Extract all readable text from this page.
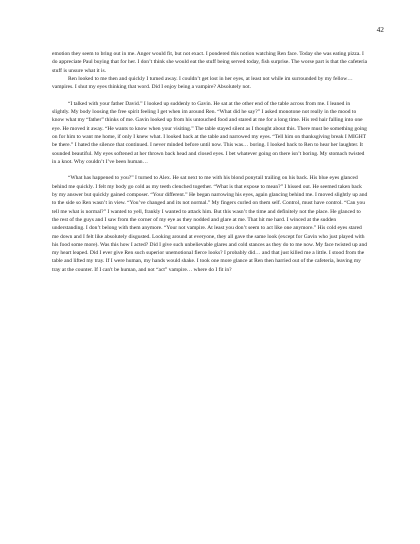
42

emotion they seem to bring out in me. Anger would fit, but not exact. I pondered this notion watching Ren face. Today she was eating pizza. I do appreciate Paul buying that for her. I don’t think she would eat the stuff being served today, fish surprise. The worse part is that the cafeteria stuff is unsure what it is.

Ren looked to me then and quickly I turned away. I couldn’t get lost in her eyes, at least not while im surrounded by my fellow… vampires. I shut my eyes thinking that word. Did I enjoy being a vampire? Absolutely not.

“I talked with your father David.” I looked up suddenly to Gavin. He sat at the other end of the table across from me. I leaned in slightly. My body loosing the free spirit feeling I get when im around Ren. “What did he say?” I asked monotone not really in the mood to know what my “father” thinks of me. Gavin looked up from his untouched food and stared at me for a long time. His red hair falling into one eye. He moved it away. “He wants to know when your visiting.” The table stayed silent as I thought about this. There must be something going on for him to want me home, if only I knew what. I looked back at the table and narrowed my eyes. “Tell him on thanksgiving break I MIGHT be there.” I hated the silence that continued. I never minded before until now. This was… boring. I looked back to Ren to hear her laughter. It sounded beautiful. My eyes softened at her thrown back head and closed eyes. I bet whatever going on there isn’t boring. My stomach twisted in a knot. Why couldn’t I’ve been human…

“What has happened to you?” I turned to Alex. He sat next to me with his blond ponytail trailing on his back. His blue eyes glanced behind me quickly. I felt my body go cold as my teeth clenched together. “What is that expose to mean?” I hissed out. He seemed taken back by my answer but quickly gained composer. “Your different.” He began narrowing his eyes, again glancing behind me. I moved slightly up and to the side so Ren wasn’t in view. “You’ve changed and its not normal.” My fingers curled on them self. Control, must have control. “Can you tell me what is normal?” I wanted to yell, frankly I wanted to attack him. But this wasn’t the time and definitely not the place. He glanced to the rest of the guys and I saw from the corner of my eye as they nodded and glare at me. That hit me hard. I winced at the sudden understanding. I don’t belong with them anymore. “Your not vampire. At least you don’t seem to act like one anymore.” His cold eyes stared me down and I felt like absolutely disgusted. Looking around at everyone, they all gave the same look (except for Gavin who just played with his food some more). Was this how I acted? Did I give such unbelievable glares and cold stances as they do to me now. My face twisted up and my heart leaped. Did I ever give Ren such superior unemotional fierce looks? I probably did… and that just killed me a little. I stood from the table and lifted my tray. If I were human, my hands would shake. I took one more glance at Ren then harried out of the cafeteria, leaving my tray at the counter. If I can't be human, and not “act” vampire… where do I fit in?
